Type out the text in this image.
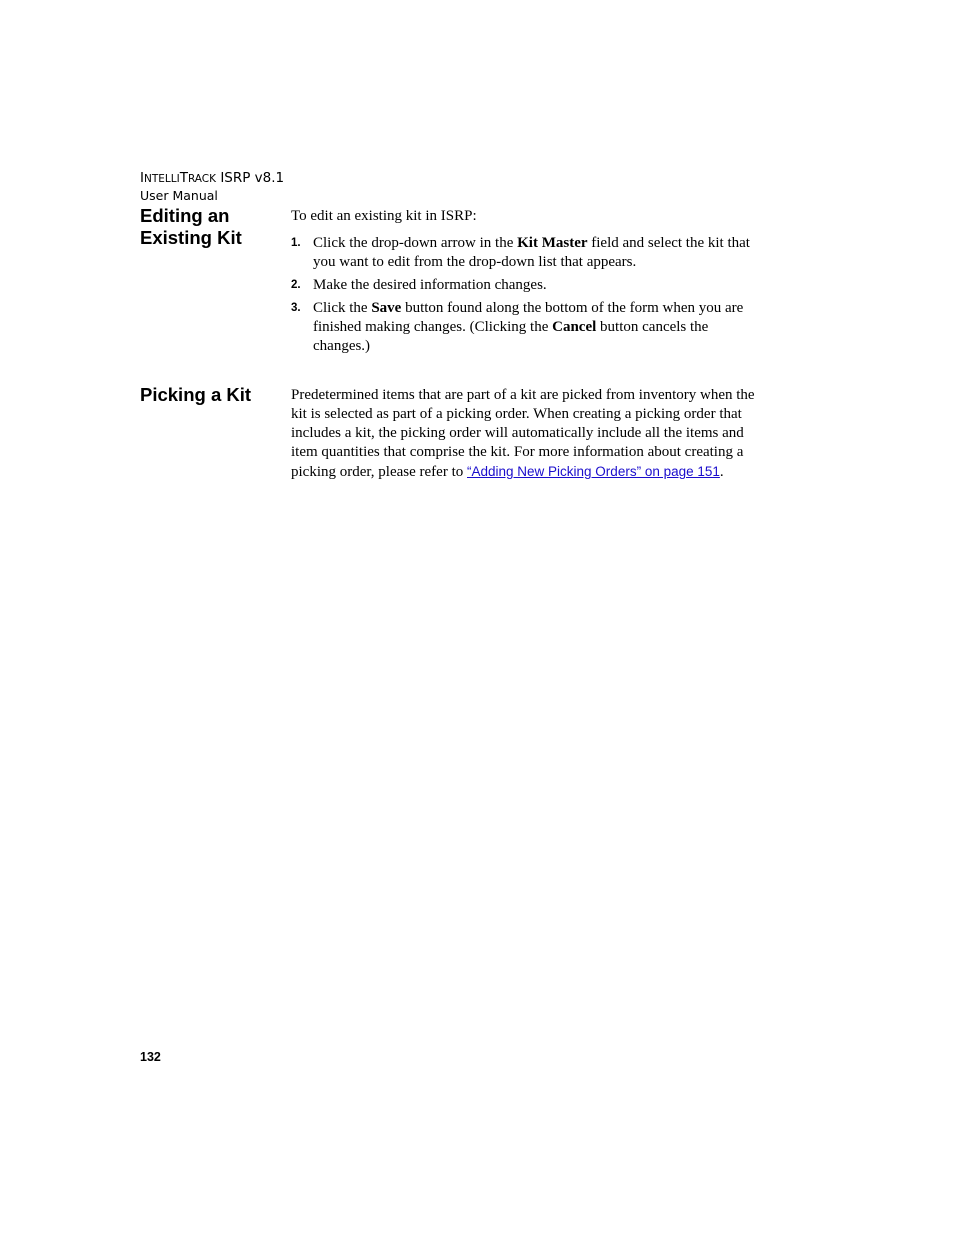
INTELLITRACK ISRP v8.1
User Manual
Editing an Existing Kit

To edit an existing kit in ISRP:

1. Click the drop-down arrow in the Kit Master field and select the kit that you want to edit from the drop-down list that appears.
2. Make the desired information changes.
3. Click the Save button found along the bottom of the form when you are finished making changes. (Clicking the Cancel button cancels the changes.)
Picking a Kit	Predetermined items that are part of a kit are picked from inventory when the kit is selected as part of a picking order. When creating a picking order that includes a kit, the picking order will automatically include all the items and item quantities that comprise the kit. For more information about creating a picking order, please refer to “Adding New Picking Orders” on page 151.

132
